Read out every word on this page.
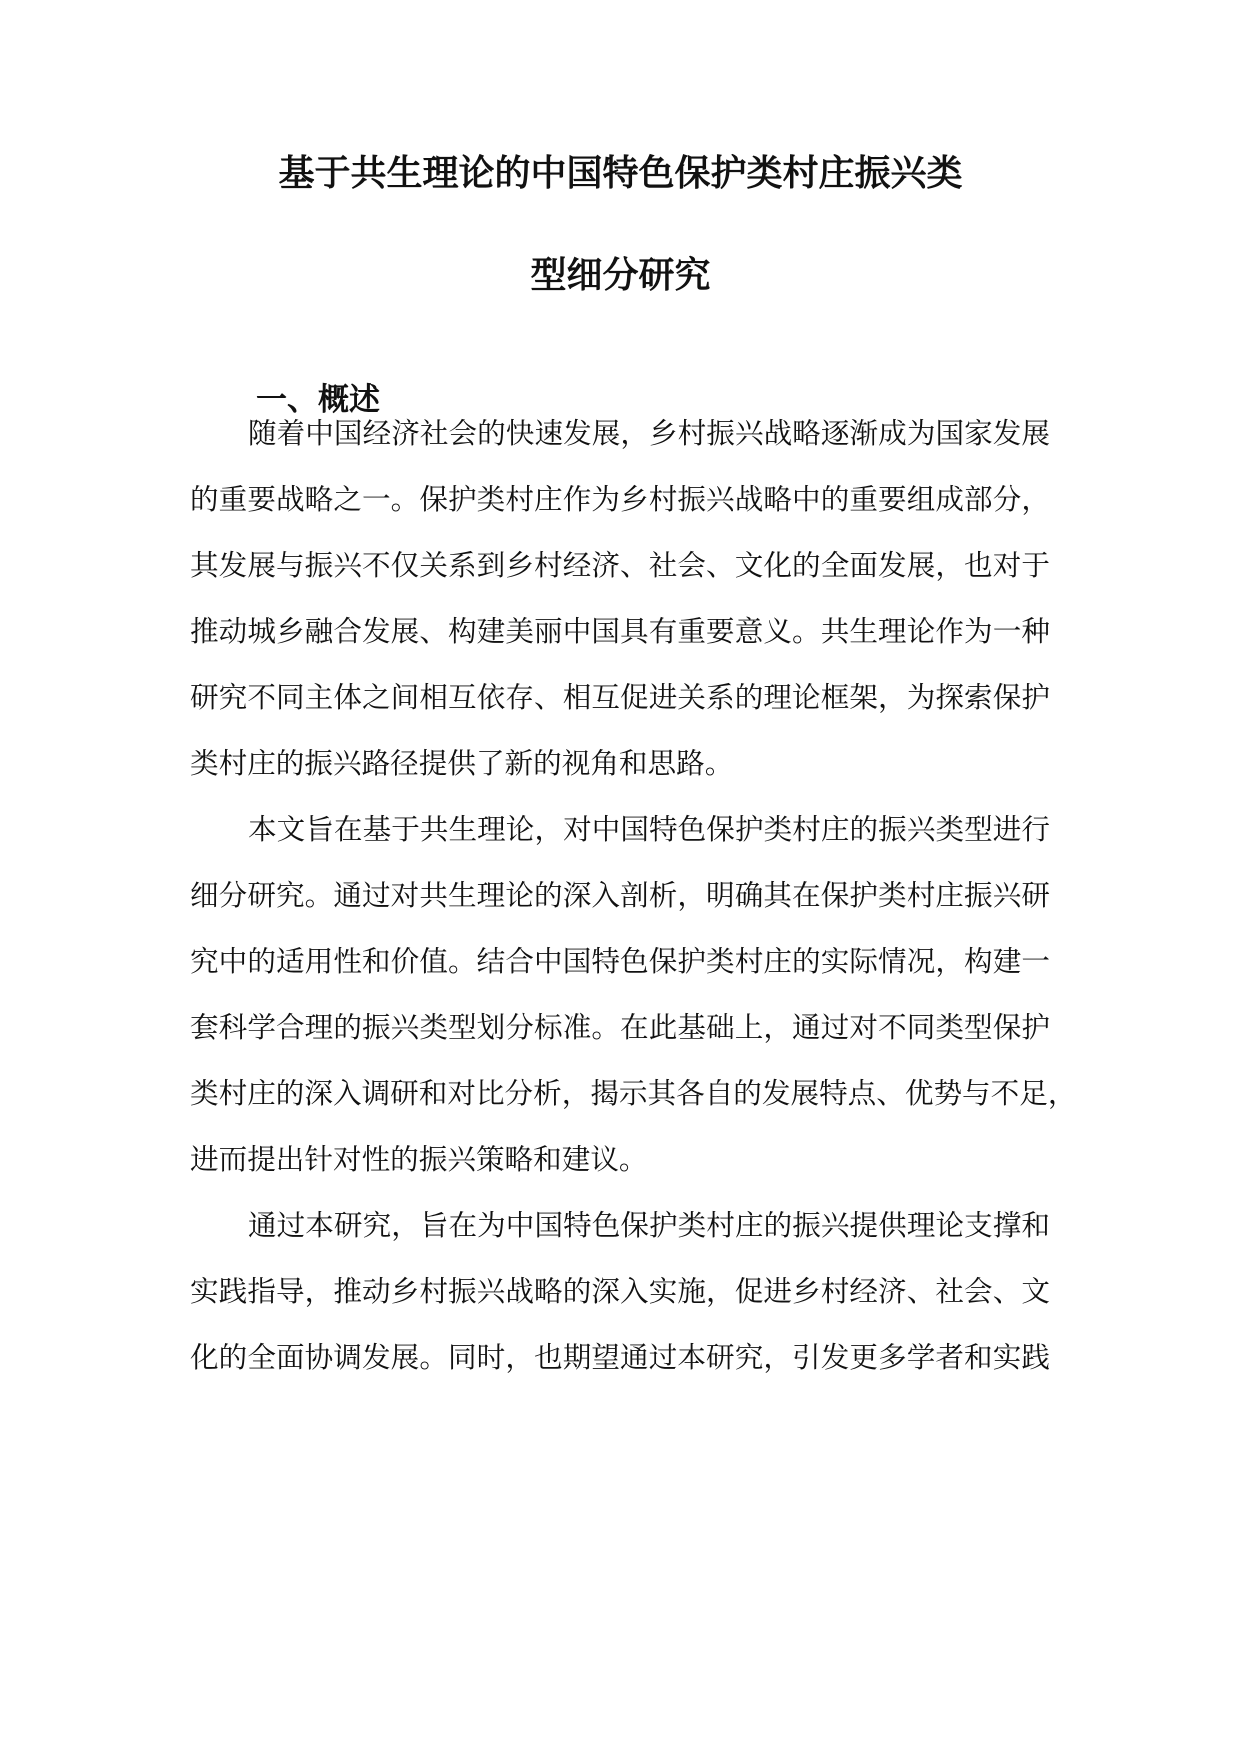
基于共生理论的中国特色保护类村庄振兴类
型细分研究
一、概述
随着中国经济社会的快速发展，乡村振兴战略逐渐成为国家发展
的重要战略之一。保护类村庄作为乡村振兴战略中的重要组成部分，
其发展与振兴不仅关系到乡村经济、社会、文化的全面发展，也对于
推动城乡融合发展、构建美丽中国具有重要意义。共生理论作为一种
研究不同主体之间相互依存、相互促进关系的理论框架，为探索保护
类村庄的振兴路径提供了新的视角和思路。
本文旨在基于共生理论，对中国特色保护类村庄的振兴类型进行
细分研究。通过对共生理论的深入剖析，明确其在保护类村庄振兴研
究中的适用性和价值。结合中国特色保护类村庄的实际情况，构建一
套科学合理的振兴类型划分标准。在此基础上，通过对不同类型保护
类村庄的深入调研和对比分析，揭示其各自的发展特点、优势与不足，
进而提出针对性的振兴策略和建议。
通过本研究，旨在为中国特色保护类村庄的振兴提供理论支撑和
实践指导，推动乡村振兴战略的深入实施，促进乡村经济、社会、文
化的全面协调发展。同时，也期望通过本研究，引发更多学者和实践
